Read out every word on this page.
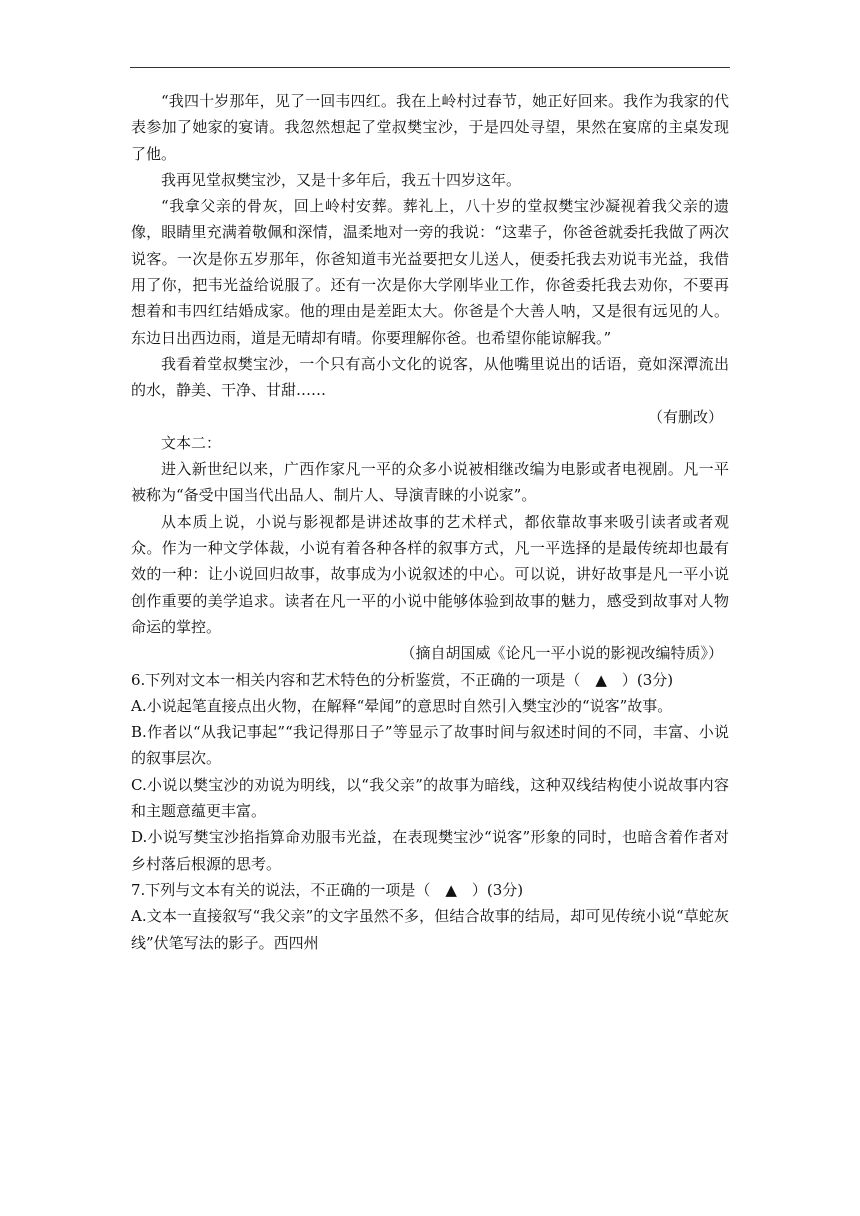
“我四十岁那年，见了一回韦四红。我在上岭村过春节，她正好回来。我作为我家的代表参加了她家的宴请。我忽然想起了堂叔樊宝沙，于是四处寻望，果然在宴席的主桌发现了他。

我再见堂叔樊宝沙，又是十多年后，我五十四岁这年。

“我拿父亲的骨灰，回上岭村安葬。葬礼上，八十岁的堂叔樊宝沙凝视着我父亲的遗像，眼睛里充满着敬佩和深情，温柔地对一旁的我说：“这辈子，你爸爸就委托我做了两次说客。一次是你五岁那年，你爸知道韦光益要把女儿送人，便委托我去劝说韦光益，我借用了你，把韦光益给说服了。还有一次是你大学刚毕业工作，你爸委托我去劝你，不要再想着和韦四红结婚成家。他的理由是差距太大。你爸是个大善人呐，又是很有远见的人。东边日出西边雨，道是无晴却有晴。你要理解你爸。也希望你能谅解我。”

我看着堂叔樊宝沙，一个只有高小文化的说客，从他嘴里说出的话语，竟如深潭流出的水，静美、干净、甘甜……

（有删改）

文本二：

进入新世纪以来，广西作家凡一平的众多小说被相继改编为电影或者电视剧。凡一平被称为“备受中国当代出品人、制片人、导演青睐的小说家”。

从本质上说，小说与影视都是讲述故事的艺术样式，都依靠故事来吸引读者或者观众。作为一种文学体裁，小说有着各种各样的叙事方式，凡一平选择的是最传统却也最有效的一种：让小说回归故事，故事成为小说叙述的中心。可以说，讲好故事是凡一平小说创作重要的美学追求。读者在凡一平的小说中能够体验到故事的魅力，感受到故事对人物命运的掌控。

（摘自胡国威《论凡一平小说的影视改编特质》）

6.下列对文本一相关内容和艺术特色的分析鉴赏，不正确的一项是（　▲　）(3分)

A.小说起笔直接点出火物，在解释“晕闻”的意思时自然引入樊宝沙的“说客”故事。

B.作者以“从我记事起”“我记得那日子”等显示了故事时间与叙述时间的不同，丰富、小说的叙事层次。

C.小说以樊宝沙的劝说为明线，以“我父亲”的故事为暗线，这种双线结构使小说故事内容和主题意蕴更丰富。

D.小说写樊宝沙掐指算命劝服韦光益，在表现樊宝沙“说客”形象的同时，也暗含着作者对乡村落后根源的思考。

7.下列与文本有关的说法，不正确的一项是（　▲　）(3分)

A.文本一直接叙写“我父亲”的文字虽然不多，但结合故事的结局，却可见传统小说“草蛇灰线”伏笔写法的影子。西四州
